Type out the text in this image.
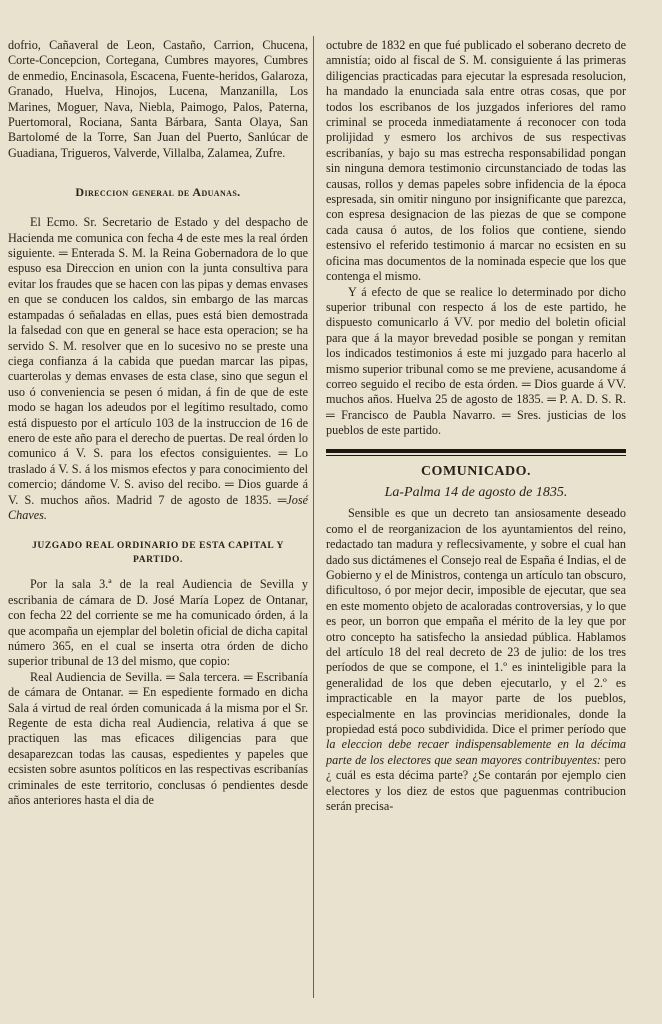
dofrio, Cañaveral de Leon, Castaño, Carrion, Chucena, Corte-Concepcion, Cortegana, Cumbres mayores, Cumbres de enmedio, Encinasola, Escacena, Fuente-heridos, Galaroza, Granado, Huelva, Hinojos, Lucena, Manzanilla, Los Marines, Moguer, Nava, Niebla, Paimogo, Palos, Paterna, Puertomoral, Rociana, Santa Bárbara, Santa Olaya, San Bartolomé de la Torre, San Juan del Puerto, Sanlúcar de Guadiana, Trigueros, Valverde, Villalba, Zalamea, Zufre.

Direccion general de Aduanas.

El Ecmo. Sr. Secretario de Estado y del despacho de Hacienda me comunica con fecha 4 de este mes la real órden siguiente. ═ Enterada S. M. la Reina Gobernadora de lo que espuso esa Direccion en union con la junta consultiva para evitar los fraudes que se hacen con las pipas y demas envases en que se conducen los caldos, sin embargo de las marcas estampadas ó señaladas en ellas, pues está bien demostrada la falsedad con que en general se hace esta operacion; se ha servido S. M. resolver que en lo sucesivo no se preste una ciega confianza á la cabida que puedan marcar las pipas, cuarterolas y demas envases de esta clase, sino que segun el uso ó conveniencia se pesen ó midan, á fin de que de este modo se hagan los adeudos por el legítimo resultado, como está dispuesto por el artículo 103 de la instruccion de 16 de enero de este año para el derecho de puertas. De real órden lo comunico á V. S. para los efectos consiguientes. ═ Lo traslado á V. S. á los mismos efectos y para conocimiento del comercio; dándome V. S. aviso del recibo. ═ Dios guarde á V. S. muchos años. Madrid 7 de agosto de 1835. ═José Chaves.

JUZGADO REAL ORDINARIO DE ESTA CAPITAL Y PARTIDO.

Por la sala 3.ª de la real Audiencia de Sevilla y escribania de cámara de D. José María Lopez de Ontanar, con fecha 22 del corriente se me ha comunicado órden, á la que acompaña un ejemplar del boletin oficial de dicha capital número 365, en el cual se inserta otra órden de dicho superior tribunal de 13 del mismo, que copio:

Real Audiencia de Sevilla. ═ Sala tercera. ═ Escribanía de cámara de Ontanar. ═ En espediente formado en dicha Sala á virtud de real órden comunicada á la misma por el Sr. Regente de esta dicha real Audiencia, relativa á que se practiquen las mas eficaces diligencias para que desaparezcan todas las causas, espedientes y papeles que ecsisten sobre asuntos políticos en las respectivas escribanías criminales de este territorio, conclusas ó pendientes desde años anteriores hasta el dia de

octubre de 1832 en que fué publicado el soberano decreto de amnistía; oido al fiscal de S. M. consiguiente á las primeras diligencias practicadas para ejecutar la espresada resolucion, ha mandado la enunciada sala entre otras cosas, que por todos los escribanos de los juzgados inferiores del ramo criminal se proceda inmediatamente á reconocer con toda prolijidad y esmero los archivos de sus respectivas escribanías, y bajo su mas estrecha responsabilidad pongan sin ninguna demora testimonio circunstanciado de todas las causas, rollos y demas papeles sobre infidencia de la época espresada, sin omitir ninguno por insignificante que parezca, con espresa designacion de las piezas de que se compone cada causa ó autos, de los folios que contiene, siendo estensivo el referido testimonio á marcar no ecsisten en su oficina mas documentos de la nominada especie que los que contenga el mismo.

Y á efecto de que se realice lo determinado por dicho superior tribunal con respecto á los de este partido, he dispuesto comunicarlo á VV. por medio del boletin oficial para que á la mayor brevedad posible se pongan y remitan los indicados testimonios á este mi juzgado para hacerlo al mismo superior tribunal como se me previene, acusandome á correo seguido el recibo de esta órden. ═ Dios guarde á VV. muchos años. Huelva 25 de agosto de 1835. ═ P. A. D. S. R. ═ Francisco de Paubla Navarro. ═ Sres. justicias de los pueblos de este partido.

COMUNICADO.

La-Palma 14 de agosto de 1835.

Sensible es que un decreto tan ansiosamente deseado como el de reorganizacion de los ayuntamientos del reino, redactado tan madura y reflecsivamente, y sobre el cual han dado sus dictámenes el Consejo real de España é Indias, el de Gobierno y el de Ministros, contenga un artículo tan obscuro, dificultoso, ó por mejor decir, imposible de ejecutar, que sea en este momento objeto de acaloradas controversias, y lo que es peor, un borron que empaña el mérito de la ley que por otro concepto ha satisfecho la ansiedad pública. Hablamos del artículo 18 del real decreto de 23 de julio: de los tres períodos de que se compone, el 1.º es ininteligible para la generalidad de los que deben ejecutarlo, y el 2.º es impracticable en la mayor parte de los pueblos, especialmente en las provincias meridionales, donde la propiedad está poco subdividida. Dice el primer período que la eleccion debe recaer indispensablemente en la décima parte de los electores que sean mayores contribuyentes: pero ¿ cuál es esta décima parte? ¿Se contarán por ejemplo cien electores y los diez de estos que paguenmas contribucion serán precisa-
